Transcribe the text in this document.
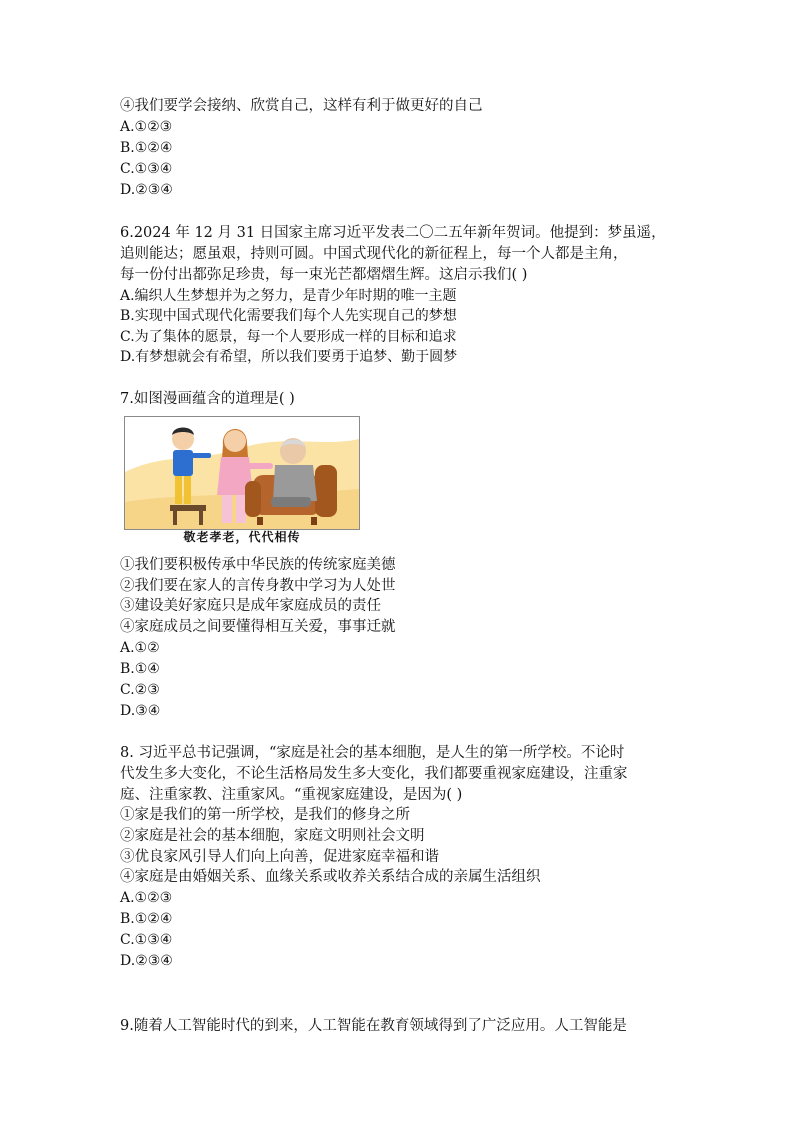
④我们要学会接纳、欣赏自己，这样有利于做更好的自己
A.①②③
B.①②④
C.①③④
D.②③④
6.2024 年 12 月 31 日国家主席习近平发表二〇二五年新年贺词。他提到：梦虽遥，
追则能达；愿虽艰，持则可圆。中国式现代化的新征程上，每一个人都是主角，
每一份付出都弥足珍贵，每一束光芒都熠熠生辉。这启示我们( )
A.编织人生梦想并为之努力，是青少年时期的唯一主题
B.实现中国式现代化需要我们每个人先实现自己的梦想
C.为了集体的愿景，每一个人要形成一样的目标和追求
D.有梦想就会有希望，所以我们要勇于追梦、勤于圆梦
7.如图漫画蕴含的道理是( )
敬老孝老，代代相传
①我们要积极传承中华民族的传统家庭美德
②我们要在家人的言传身教中学习为人处世
③建设美好家庭只是成年家庭成员的责任
④家庭成员之间要懂得相互关爱，事事迁就
A.①②
B.①④
C.②③
D.③④
8. 习近平总书记强调，“家庭是社会的基本细胞，是人生的第一所学校。不论时
代发生多大变化，不论生活格局发生多大变化，我们都要重视家庭建设，注重家
庭、注重家教、注重家风。“重视家庭建设，是因为( )
①家是我们的第一所学校，是我们的修身之所
②家庭是社会的基本细胞，家庭文明则社会文明
③优良家风引导人们向上向善，促进家庭幸福和谐
④家庭是由婚姻关系、血缘关系或收养关系结合成的亲属生活组织
A.①②③
B.①②④
C.①③④
D.②③④
9.随着人工智能时代的到来，人工智能在教育领域得到了广泛应用。人工智能是
